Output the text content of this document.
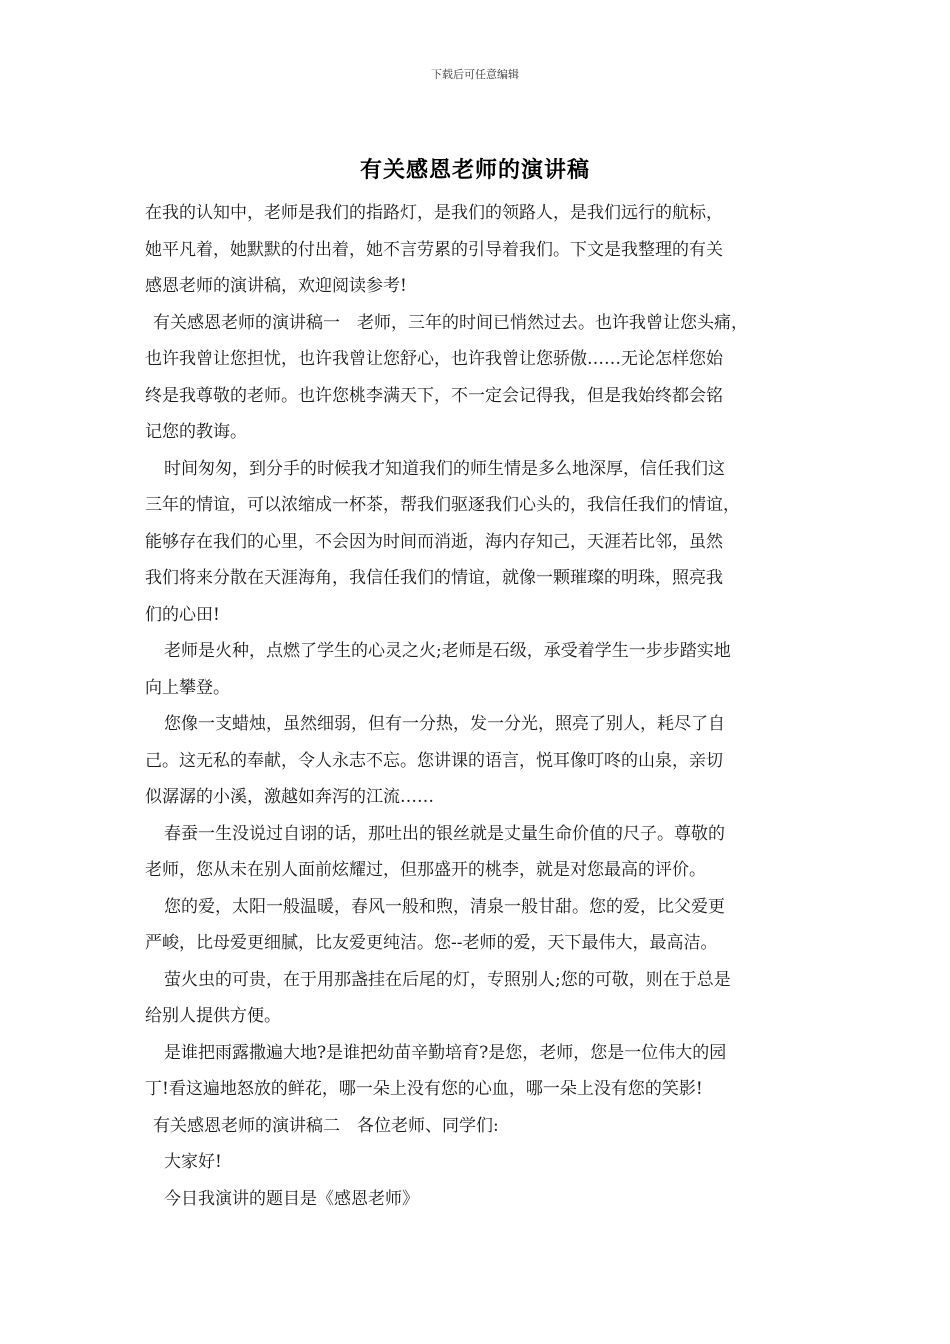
下载后可任意编辑
有关感恩老师的演讲稿
在我的认知中，老师是我们的指路灯，是我们的领路人，是我们远行的航标，
她平凡着，她默默的付出着，她不言劳累的引导着我们。下文是我整理的有关
感恩老师的演讲稿，欢迎阅读参考!
有关感恩老师的演讲稿一　老师，三年的时间已悄然过去。也许我曾让您头痛，
也许我曾让您担忧，也许我曾让您舒心，也许我曾让您骄傲……无论怎样您始
终是我尊敬的老师。也许您桃李满天下，不一定会记得我，但是我始终都会铭
记您的教诲。
时间匆匆，到分手的时候我才知道我们的师生情是多么地深厚，信任我们这
三年的情谊，可以浓缩成一杯茶，帮我们驱逐我们心头的，我信任我们的情谊，
能够存在我们的心里，不会因为时间而消逝，海内存知己，天涯若比邻，虽然
我们将来分散在天涯海角，我信任我们的情谊，就像一颗璀璨的明珠，照亮我
们的心田!
老师是火种，点燃了学生的心灵之火;老师是石级，承受着学生一步步踏实地
向上攀登。
您像一支蜡烛，虽然细弱，但有一分热，发一分光，照亮了别人，耗尽了自
己。这无私的奉献，令人永志不忘。您讲课的语言，悦耳像叮咚的山泉，亲切
似潺潺的小溪，激越如奔泻的江流……
春蚕一生没说过自诩的话，那吐出的银丝就是丈量生命价值的尺子。尊敬的
老师，您从未在别人面前炫耀过，但那盛开的桃李，就是对您最高的评价。
您的爱，太阳一般温暖，春风一般和煦，清泉一般甘甜。您的爱，比父爱更
严峻，比母爱更细腻，比友爱更纯洁。您--老师的爱，天下最伟大，最高洁。
萤火虫的可贵，在于用那盏挂在后尾的灯，专照别人;您的可敬，则在于总是
给别人提供方便。
是谁把雨露撒遍大地?是谁把幼苗辛勤培育?是您，老师，您是一位伟大的园
丁!看这遍地怒放的鲜花，哪一朵上没有您的心血，哪一朵上没有您的笑影!
有关感恩老师的演讲稿二　各位老师、同学们:
大家好!
今日我演讲的题目是《感恩老师》
